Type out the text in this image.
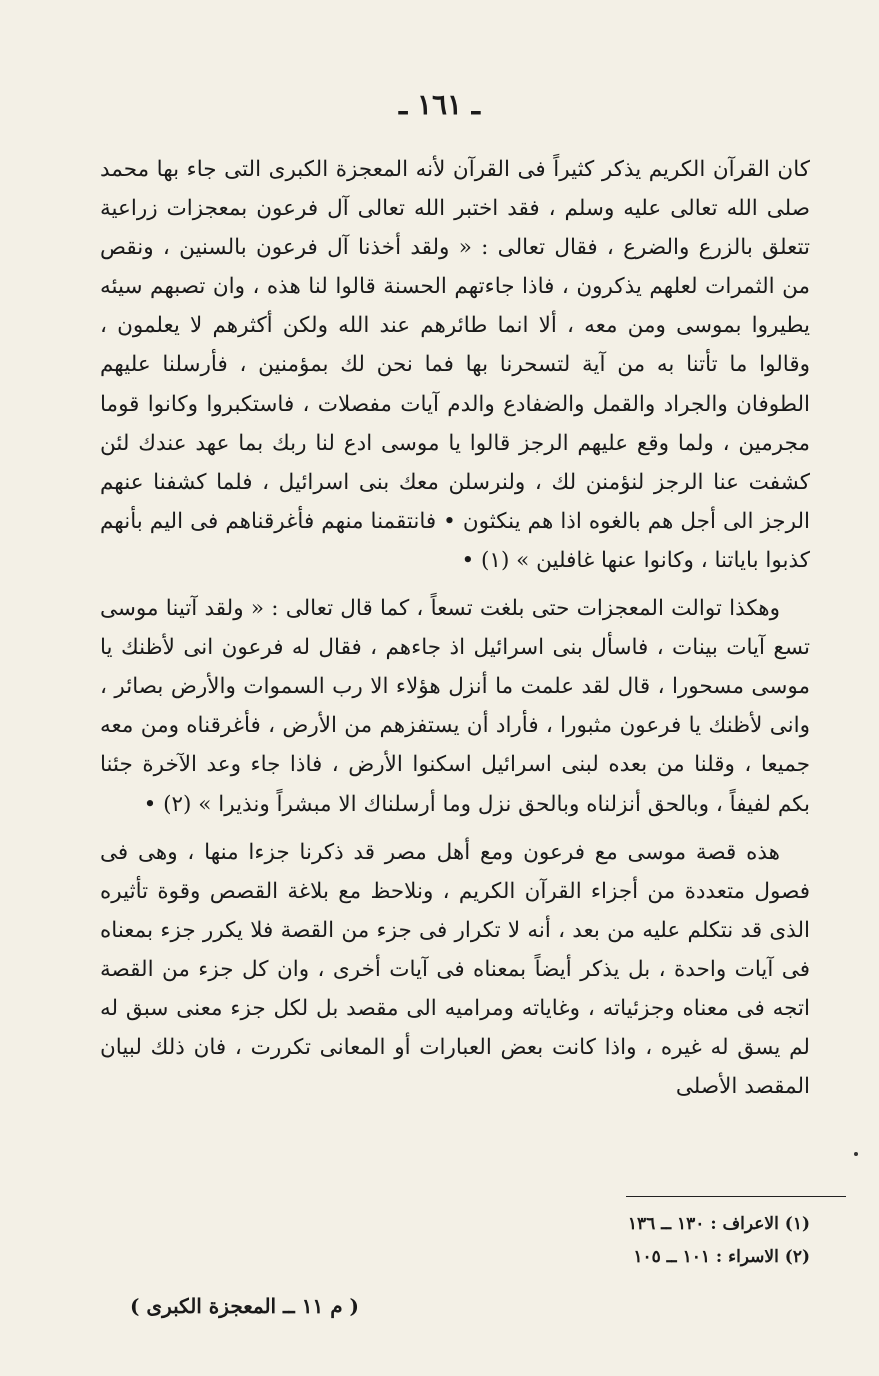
ـ ١٦١ ـ

كان القرآن الكريم يذكر كثيراً فى القرآن لأنه المعجزة الكبرى التى جاء بها محمد صلى الله تعالى عليه وسلم ، فقد اختبر الله تعالى آل فرعون بمعجزات زراعية تتعلق بالزرع والضرع ، فقال تعالى : « ولقد أخذنا آل فرعون بالسنين ، ونقص من الثمرات لعلهم يذكرون ، فاذا جاءتهم الحسنة قالوا لنا هذه ، وان تصبهم سيئه يطيروا بموسى ومن معه ، ألا انما طائرهم عند الله ولكن أكثرهم لا يعلمون ، وقالوا ما تأتنا به من آية لتسحرنا بها فما نحن لك بمؤمنين ، فأرسلنا عليهم الطوفان والجراد والقمل والضفادع والدم آيات مفصلات ، فاستكبروا وكانوا قوما مجرمين ، ولما وقع عليهم الرجز قالوا يا موسى ادع لنا ربك بما عهد عندك لئن كشفت عنا الرجز لنؤمنن لك ، ولنرسلن معك بنى اسرائيل ، فلما كشفنا عنهم الرجز الى أجل هم بالغوه اذا هم ينكثون • فانتقمنا منهم فأغرقناهم فى اليم بأنهم كذبوا باياتنا ، وكانوا عنها غافلين » (١) •

وهكذا توالت المعجزات حتى بلغت تسعاً ، كما قال تعالى : « ولقد آتينا موسى تسع آيات بينات ، فاسأل بنى اسرائيل اذ جاءهم ، فقال له فرعون انى لأظنك يا موسى مسحورا ، قال لقد علمت ما أنزل هؤلاء الا رب السموات والأرض بصائر ، وانى لأظنك يا فرعون مثبورا ، فأراد أن يستفزهم من الأرض ، فأغرقناه ومن معه جميعا ، وقلنا من بعده لبنى اسرائيل اسكنوا الأرض ، فاذا جاء وعد الآخرة جئنا بكم لفيفاً ، وبالحق أنزلناه وبالحق نزل وما أرسلناك الا مبشراً ونذيرا » (٢) •

هذه قصة موسى مع فرعون ومع أهل مصر قد ذكرنا جزءا منها ، وهى فى فصول متعددة من أجزاء القرآن الكريم ، ونلاحظ مع بلاغة القصص وقوة تأثيره الذى قد نتكلم عليه من بعد ، أنه لا تكرار فى جزء من القصة فلا يكرر جزء بمعناه فى آيات واحدة ، بل يذكر أيضاً بمعناه فى آيات أخرى ، وان كل جزء من القصة اتجه فى معناه وجزئياته ، وغاياته ومراميه الى مقصد بل لكل جزء معنى سبق له لم يسق له غيره ، واذا كانت بعض العبارات أو المعانى تكررت ، فان ذلك لبيان المقصد الأصلى

(١) الاعراف : ١٣٠ ــ ١٣٦
(٢) الاسراء : ١٠١ ــ ١٠٥
( م ١١ ــ المعجزة الكبرى )
